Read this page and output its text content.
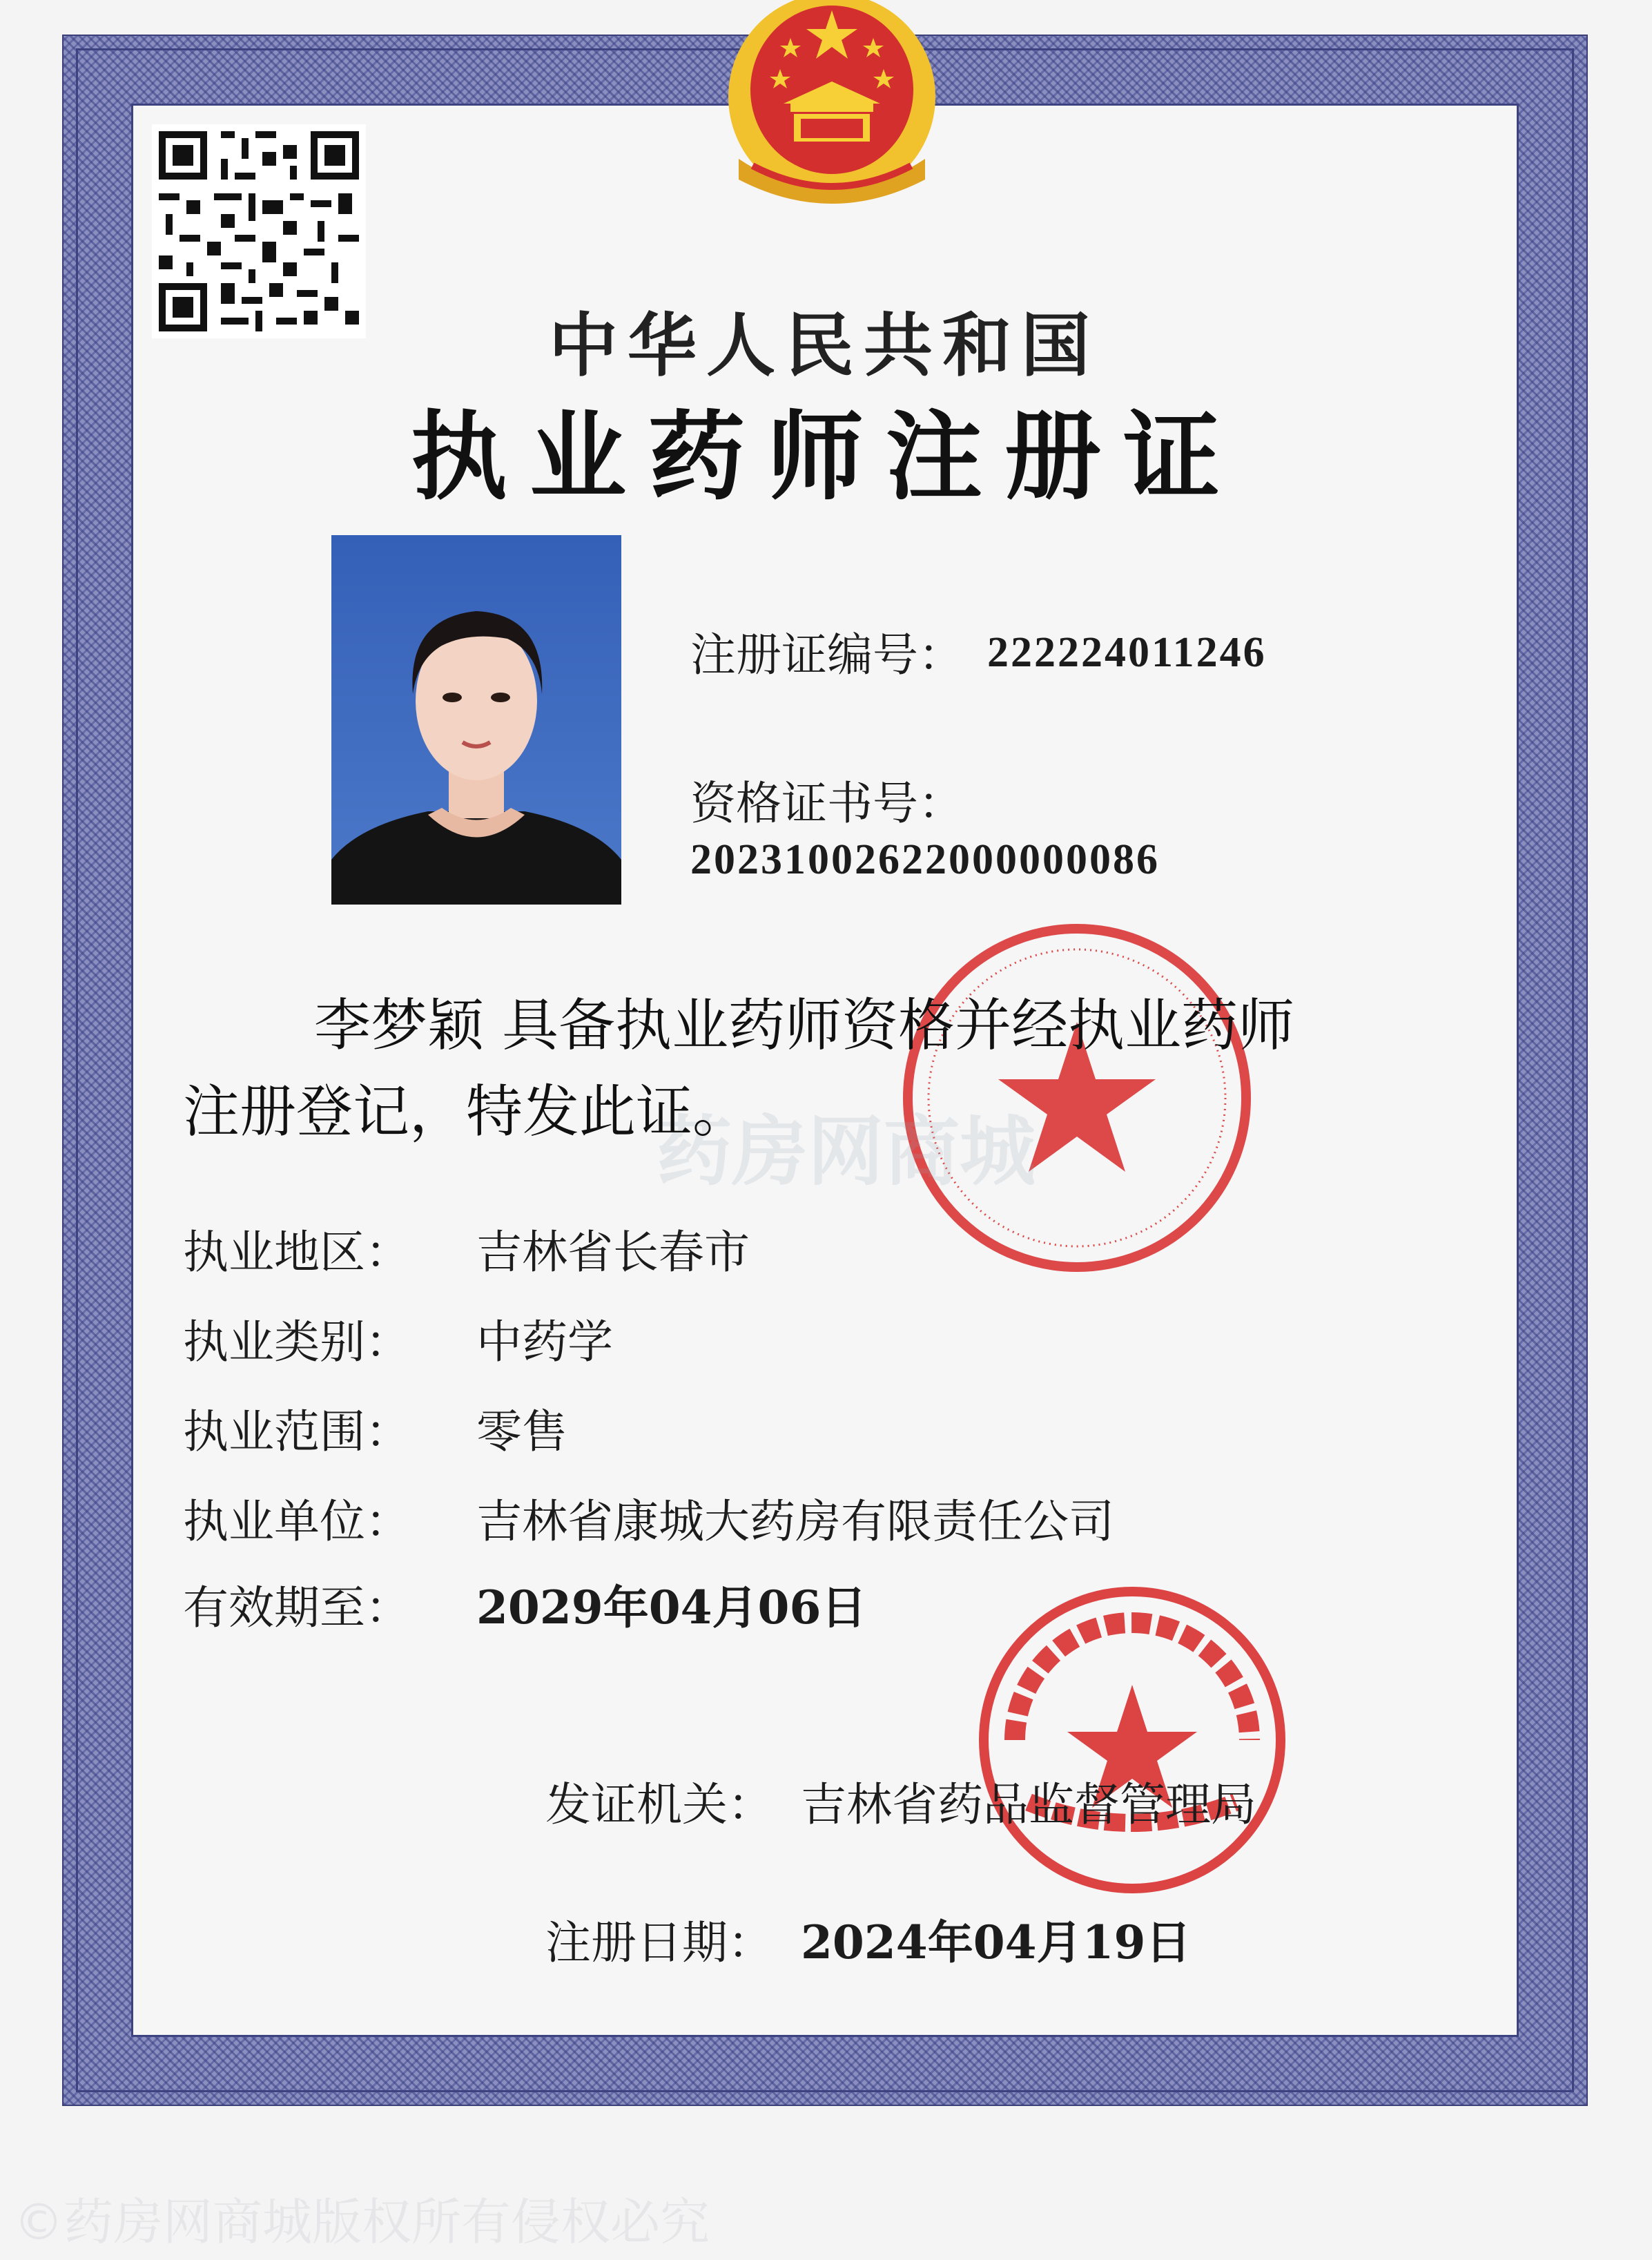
中华人民共和国
执业药师注册证
注册证编号： 222224011246
资格证书号：
20231002622000000086
药房网商城
李梦颖 具备执业药师资格并经执业药师
注册登记，特发此证。
执业地区： 吉林省长春市
执业类别： 中药学
执业范围： 零售
执业单位： 吉林省康城大药房有限责任公司
有效期至： 2029年04月06日
发证机关： 吉林省药品监督管理局
注册日期： 2024年04月19日
©药房网商城版权所有侵权必究
